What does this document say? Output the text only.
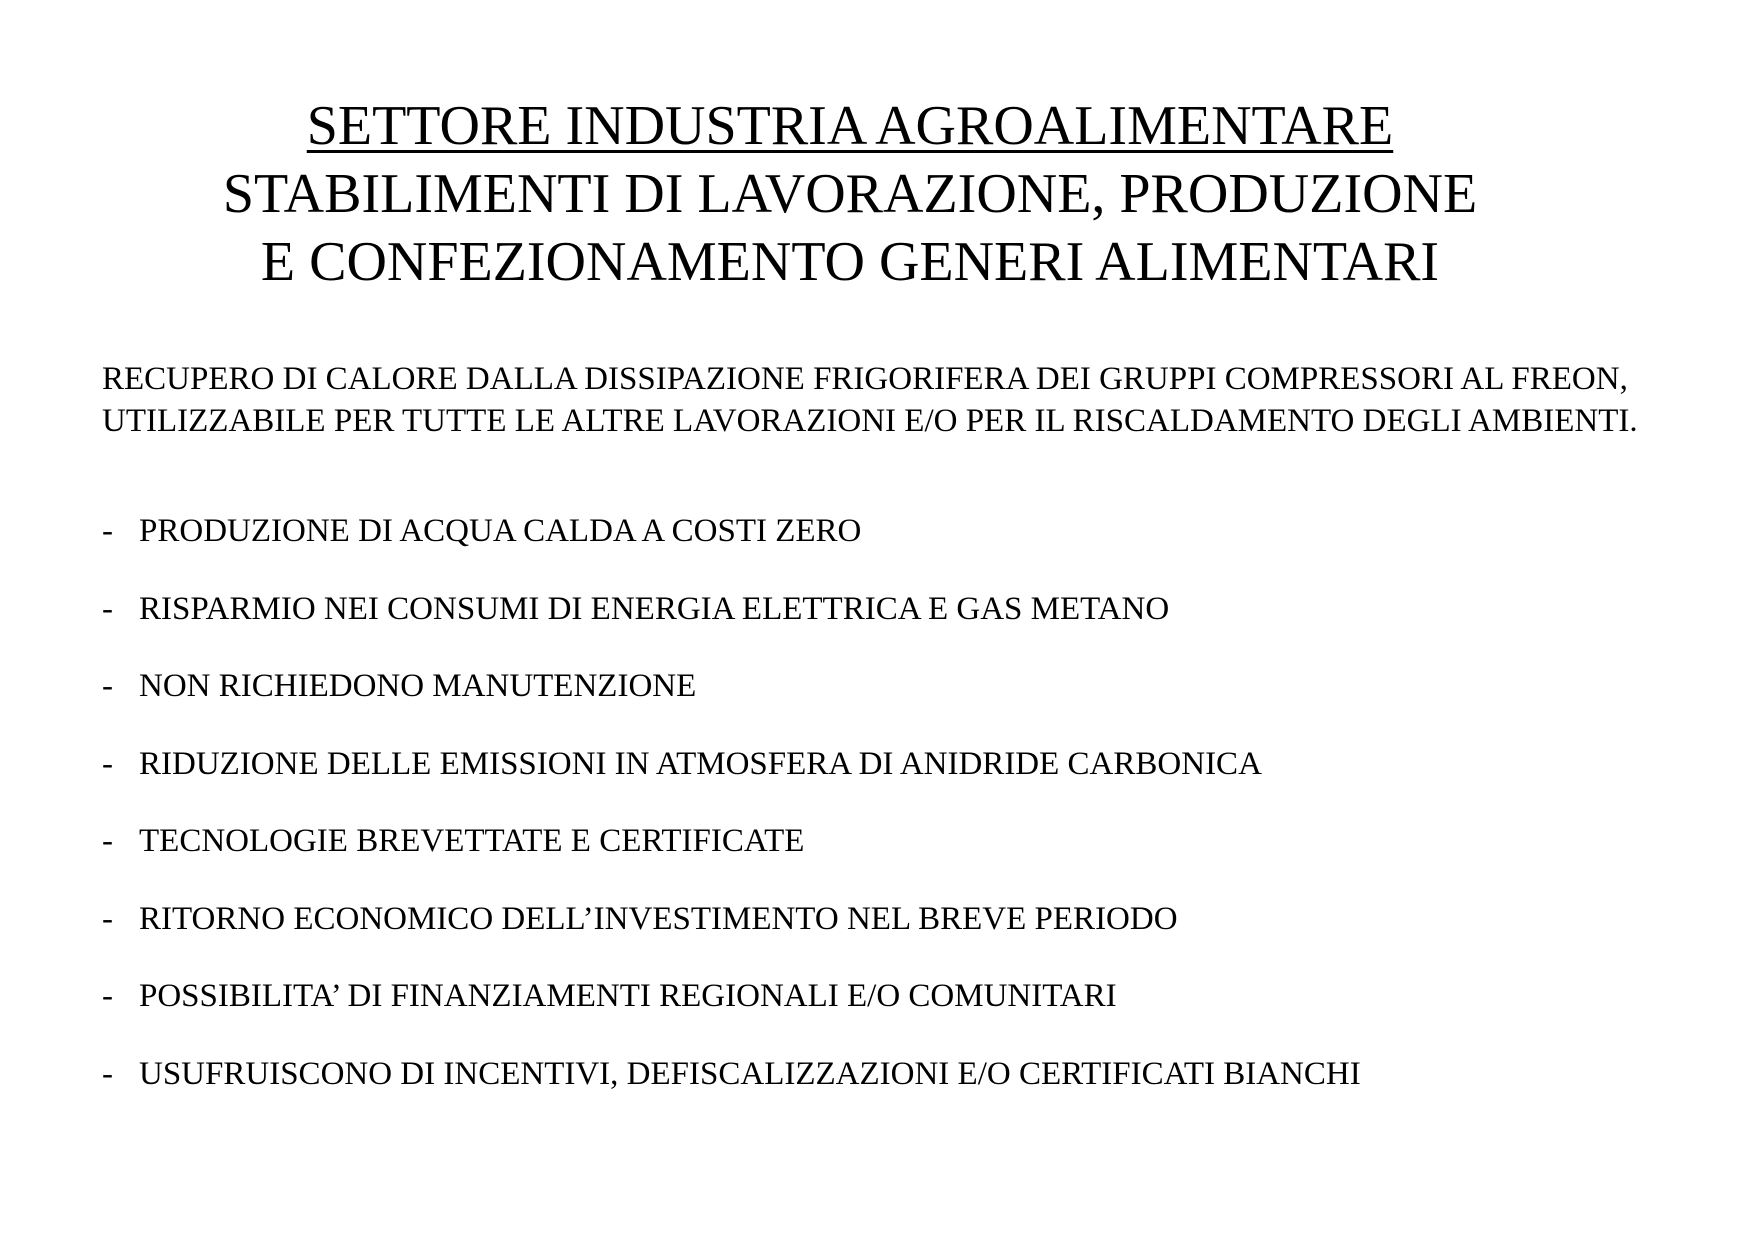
SETTORE INDUSTRIA AGROALIMENTARE
STABILIMENTI DI LAVORAZIONE, PRODUZIONE
E CONFEZIONAMENTO GENERI ALIMENTARI
RECUPERO DI CALORE DALLA DISSIPAZIONE FRIGORIFERA DEI GRUPPI COMPRESSORI AL FREON,
UTILIZZABILE PER TUTTE LE ALTRE LAVORAZIONI E/O PER IL RISCALDAMENTO DEGLI AMBIENTI.
- PRODUZIONE DI ACQUA CALDA A COSTI ZERO
- RISPARMIO NEI CONSUMI DI ENERGIA ELETTRICA E GAS METANO
- NON RICHIEDONO MANUTENZIONE
- RIDUZIONE DELLE EMISSIONI IN ATMOSFERA DI ANIDRIDE CARBONICA
- TECNOLOGIE BREVETTATE E CERTIFICATE
- RITORNO ECONOMICO DELL’INVESTIMENTO NEL BREVE PERIODO
- POSSIBILITA’ DI FINANZIAMENTI REGIONALI E/O COMUNITARI
- USUFRUISCONO DI INCENTIVI, DEFISCALIZZAZIONI E/O CERTIFICATI BIANCHI
